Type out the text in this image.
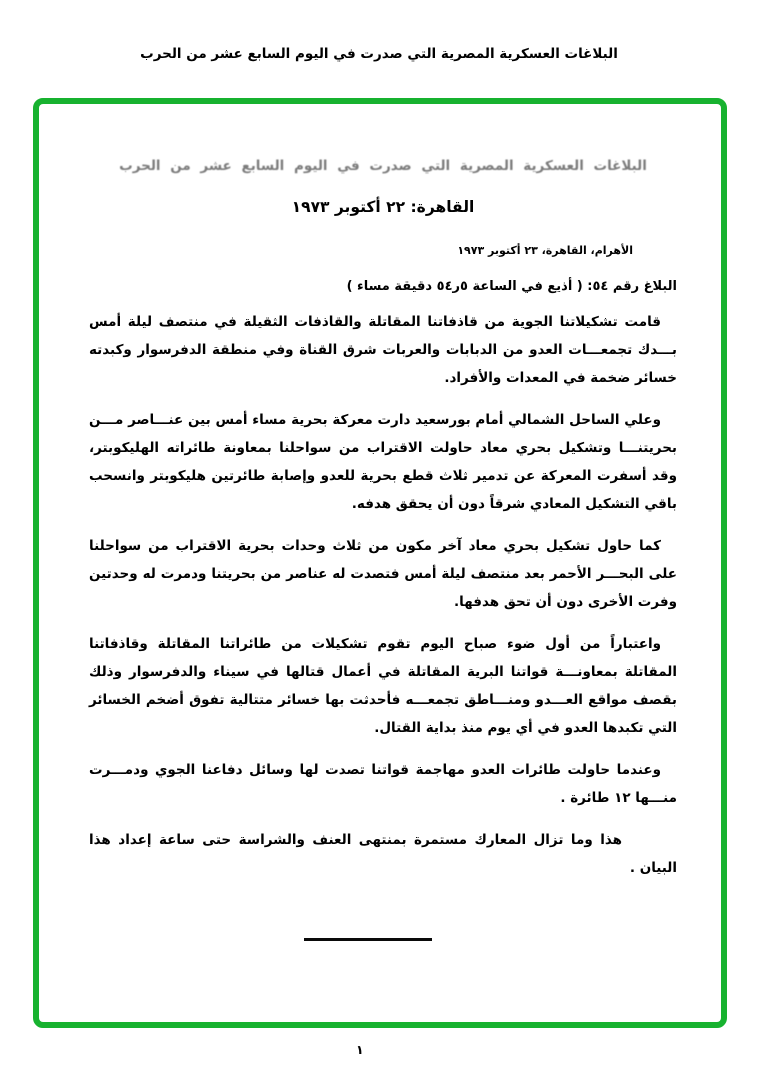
البلاغات العسكرية المصرية التي صدرت في اليوم السابع عشر من الحرب
البلاغات العسكرية المصرية التي صدرت في اليوم السابع عشر من الحرب
القاهرة: ٢٢ أكتوبر ١٩٧٣
الأهرام، القاهرة، ٢٣ أكتوبر ١٩٧٣
البلاغ رقم ٥٤: ( أذيع في الساعة ٥٤ر٥ دقيقة مساء )

قامت تشكيلاتنا الجوية من قاذفاتنا المقاتلة والقاذفات الثقيلة في منتصف ليلة أمس بـــدك تجمعـــات العدو من الدبابات والعربات شرق القناة وفي منطقة الدفرسوار وكبدته خسائر ضخمة في المعدات والأفراد.

وعلي الساحل الشمالي أمام بورسعيد دارت معركة بحرية مساء أمس بين عنـــاصر مـــن بحريتنـــا وتشكيل بحري معاد حاولت الاقتراب من سواحلنا بمعاونة طائراته الهليكوبتر، وقد أسفرت المعركة عن تدمير ثلاث قطع بحرية للعدو وإصابة طائرتين هليكوبتر وانسحب باقي التشكيل المعادي شرقاً دون أن يحقق هدفه.

كما حاول تشكيل بحري معاد آخر مكون من ثلاث وحدات بحرية الاقتراب من سواحلنا على البحـــر الأحمر بعد منتصف ليلة أمس فتصدت له عناصر من بحريتنا ودمرت له وحدتين وفرت الأخرى دون أن تحق هدفها.

واعتباراً من أول ضوء صباح اليوم تقوم تشكيلات من طائراتنا المقاتلة وقاذفاتنا المقاتلة بمعاونـــة قواتنا البرية المقاتلة في أعمال قتالها في سيناء والدفرسوار وذلك بقصف مواقع العـــدو ومنـــاطق تجمعـــه فأحدثت بها خسائر متتالية تفوق أضخم الخسائر التي تكبدها العدو في أي يوم منذ بداية القتال.

وعندما حاولت طائرات العدو مهاجمة قواتنا تصدت لها وسائل دفاعنا الجوي ودمـــرت منـــها ١٢ طائرة .

هذا وما تزال المعارك مستمرة بمنتهى العنف والشراسة حتى ساعة إعداد هذا البيان .

١
